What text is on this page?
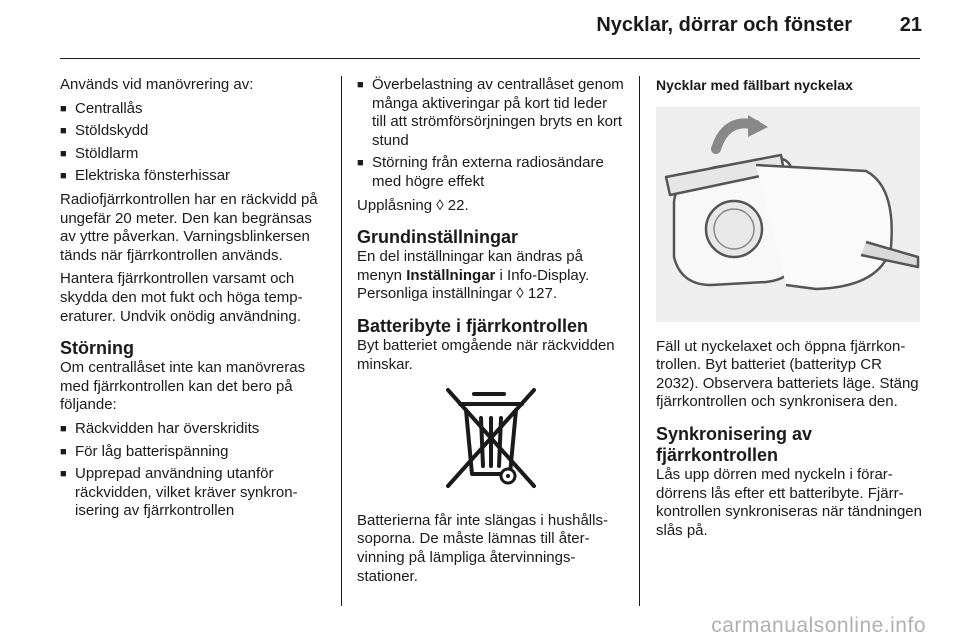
Nycklar, dörrar och fönster 21

Används vid manövrering av:

■ Centrallås
■ Stöldskydd
■ Stöldlarm
■ Elektriska fönsterhissar

Radiofjärrkontrollen har en räckvidd på ungefär 20 meter. Den kan begränsas av yttre påverkan. Varningsblinkersen tänds när fjärrkontrollen används.

Hantera fjärrkontrollen varsamt och skydda den mot fukt och höga temperaturer. Undvik onödig användning.

Störning

Om centrallåset inte kan manövreras med fjärrkontrollen kan det bero på följande:

■ Räckvidden har överskridits
■ För låg batterispänning
■ Upprepad användning utanför räckvidden, vilket kräver synkronisering av fjärrkontrollen
■ Överbelastning av centrallåset genom många aktiveringar på kort tid leder till att strömförsörjningen bryts en kort stund
■ Störning från externa radiosändare med högre effekt

Upplåsning ◊ 22.

Grundinställningar

En del inställningar kan ändras på menyn Inställningar i Info-Display. Personliga inställningar ◊ 127.

Batteribyte i fjärrkontrollen

Byt batteriet omgående när räckvidden minskar.

Batterierna får inte slängas i hushållssoporna. De måste lämnas till återvinning på lämpliga återvinningsstationer.

Nycklar med fällbart nyckelax

Fäll ut nyckelaxet och öppna fjärrkontrollen. Byt batteriet (batterityp CR 2032). Observera batteriets läge. Stäng fjärrkontrollen och synkronisera den.

Synkronisering av fjärrkontrollen

Lås upp dörren med nyckeln i förardörrens lås efter ett batteribyte. Fjärrkontrollen synkroniseras när tändningen slås på.

carmanualsonline.info
